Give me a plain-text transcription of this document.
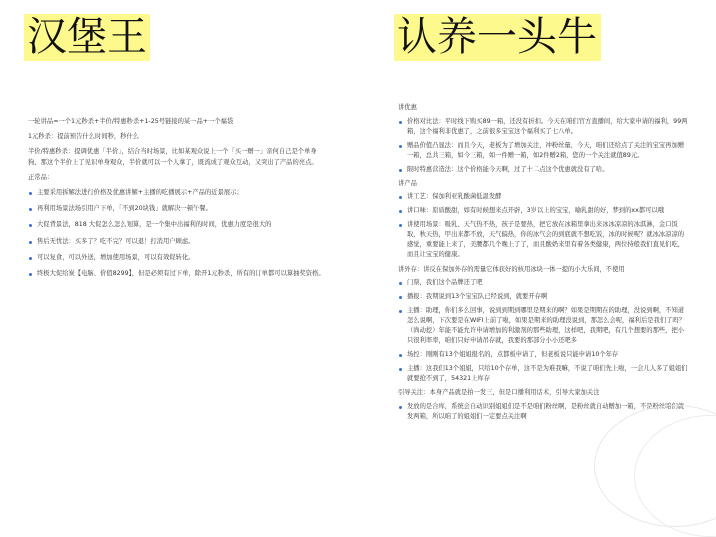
汉堡王	认养一头牛
一轮讲品=一个1元秒杀+半价/特惠秒杀+1-25号链接的某一品+一个福袋
1元秒杀：提前预告什么时间秒，秒什么
半价/特惠秒杀：提调优惠「半价」，结合当时场景，比如某观众说上一个「买一赠一」亲何自己是个单身狗，那这个半价上了见识单身观众，半价就可以一个人拿了，既流成了观众互动，又突出了产品的亮点。
正常品：
主要采用拆解法进行价格及优惠讲解+主播的吃播展示+产品的近景展示；
再利用场景法场引用户下单，「不到20块钱」就解决一顿午餐。
大促背景法，818 大促怎么怎么划算，是一个集中出福利的时间，优惠力度是很大的
售后无忧法：买多了？吃不完？可以退！打消用户顾虑。
可以复食，可以外送，增加使用场景，可以有效促转化。
终极大促给炭【电脑、价值8299】，但是必须有过下单，除开1元秒杀，所有的订单都可以算抽奖资格。
讲优惠
价格对比法：平时线下购买89一箱，还没有折扣。今天在咱们官方直播间，给大家申请的福利，99两箱，这个福利非优惠了，之前很多宝宝这个福利买了七八单。
赠品价值凸显法：而且今天，老板为了增加关注，冲粉丝量，今天，咱们还给点了关注的宝宝再加赠一箱，总共三箱，如今三箱，如一件赠一箱，如2件赠2箱，您的一个关注就值89元。
限时特惠营造法：这个价格能今天啊，过了十二点这个优惠就没有了哈。
讲产品
讲工艺：保加利亚乳酸菌低温发酵
讲口味：原质酸甜，如有时候想来点开辟，3岁以上的宝宝，喻乳甜的好，梦到的xx都可以哦
讲使用场景：吸乳、天气热不热，孩子是要热，把它放在冰箱里拿出来冰冰凉凉的冰淇淋，金口饭取，秋天热，甲出来都不放，天气偏热，你的冰气会的到底就不想吃饭，冰的时候呢？就冰冰凉凉的感觉，重要能上来了，美腰都几个晚上了了，而且酸奶来里有着各类健康，两位持般我们直见们吃，而且让宝宝的健康。
讲外存：讲反在保加外存的需量它体获好的核用冰块一体一提的小大乐间，不使用
门票，我们这个品牌还了吧
播报：我期说到13个宝宝队已经说到，就要开存啊
主播：助理，你们多么回事，说到到期到哪里是期来的啊？如果是期期在的助理，没说到啊，不知道怎么说啊，下次要是在WIFI上前了啦，如果是期来的助理没说到，那怎么会呢，福利后是我们了吗？（尚动挖）年能不能允许申请增加的利激剂的那些助理，这样吧，我期吧，有几个想要的那些，把小只很利率率，咱们只好申请吊存就，我要的那部分小小还吧多
场控：刚刚有13个姐姐报名的，点都板申请了，但老板说只能申请10个年存
主播：这我们13个姐姐，只给10个存单，这不是为难我嘛，不说了咱们先上啦，一会儿人多了姐姐们就要抢不到了，54321上库存
引导关注：本身产品就是拍一发三，但是口播利用话术，引导大家加关注
发放的是合库，系统会自动识别姐姐们是不是咱们粉丝啊，是粉丝就自动赠加一箱，不是粉丝咱们就发两箱，所以咱了的姐姐们一定要点关注啊
